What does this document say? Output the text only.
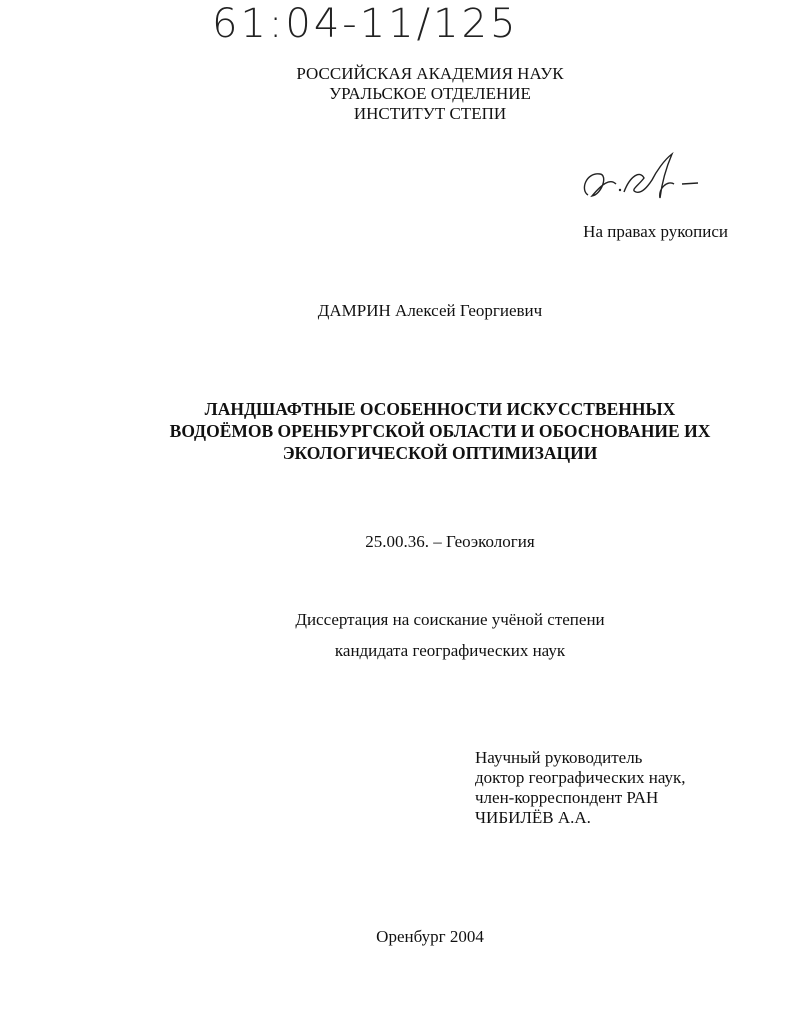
61:04-11/125
РОССИЙСКАЯ АКАДЕМИЯ НАУК
УРАЛЬСКОЕ ОТДЕЛЕНИЕ
ИНСТИТУТ СТЕПИ
На правах рукописи
ДАМРИН Алексей Георгиевич
ЛАНДШАФТНЫЕ ОСОБЕННОСТИ ИСКУССТВЕННЫХ
ВОДОЁМОВ ОРЕНБУРГСКОЙ ОБЛАСТИ И ОБОСНОВАНИЕ ИХ
ЭКОЛОГИЧЕСКОЙ ОПТИМИЗАЦИИ
25.00.36. – Геоэкология
Диссертация на соискание учёной степени
кандидата географических наук
Научный руководитель
доктор географических наук,
член-корреспондент РАН
ЧИБИЛЁВ А.А.
Оренбург 2004
